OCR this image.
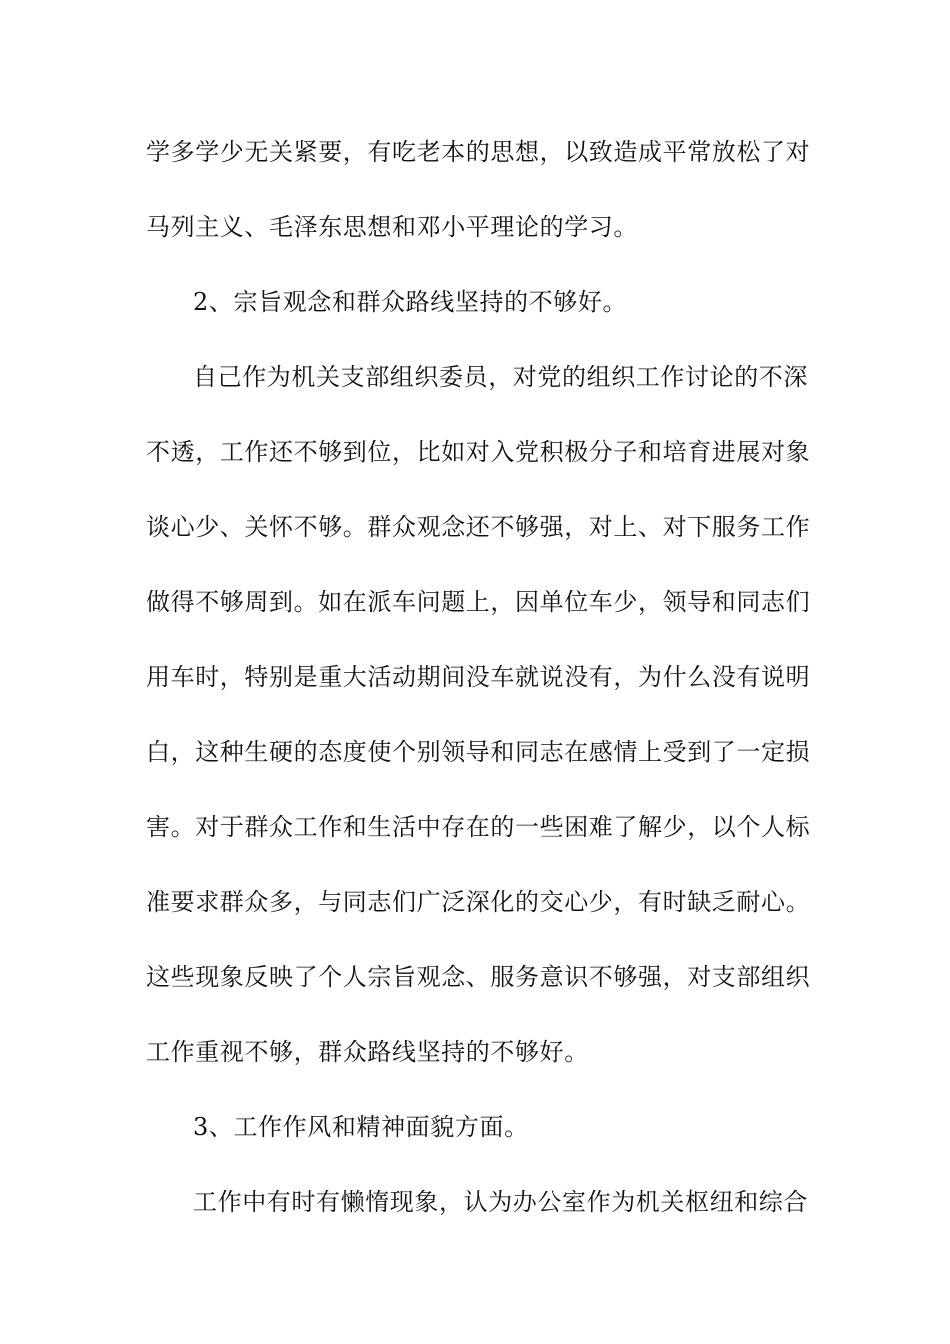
学多学少无关紧要，有吃老本的思想，以致造成平常放松了对
马列主义、毛泽东思想和邓小平理论的学习。
2、宗旨观念和群众路线坚持的不够好。
自己作为机关支部组织委员，对党的组织工作讨论的不深
不透，工作还不够到位，比如对入党积极分子和培育进展对象
谈心少、关怀不够。群众观念还不够强，对上、对下服务工作
做得不够周到。如在派车问题上，因单位车少，领导和同志们
用车时，特别是重大活动期间没车就说没有，为什么没有说明
白，这种生硬的态度使个别领导和同志在感情上受到了一定损
害。对于群众工作和生活中存在的一些困难了解少，以个人标
准要求群众多，与同志们广泛深化的交心少，有时缺乏耐心。
这些现象反映了个人宗旨观念、服务意识不够强，对支部组织
工作重视不够，群众路线坚持的不够好。
3、工作作风和精神面貌方面。
工作中有时有懒惰现象，认为办公室作为机关枢纽和综合
